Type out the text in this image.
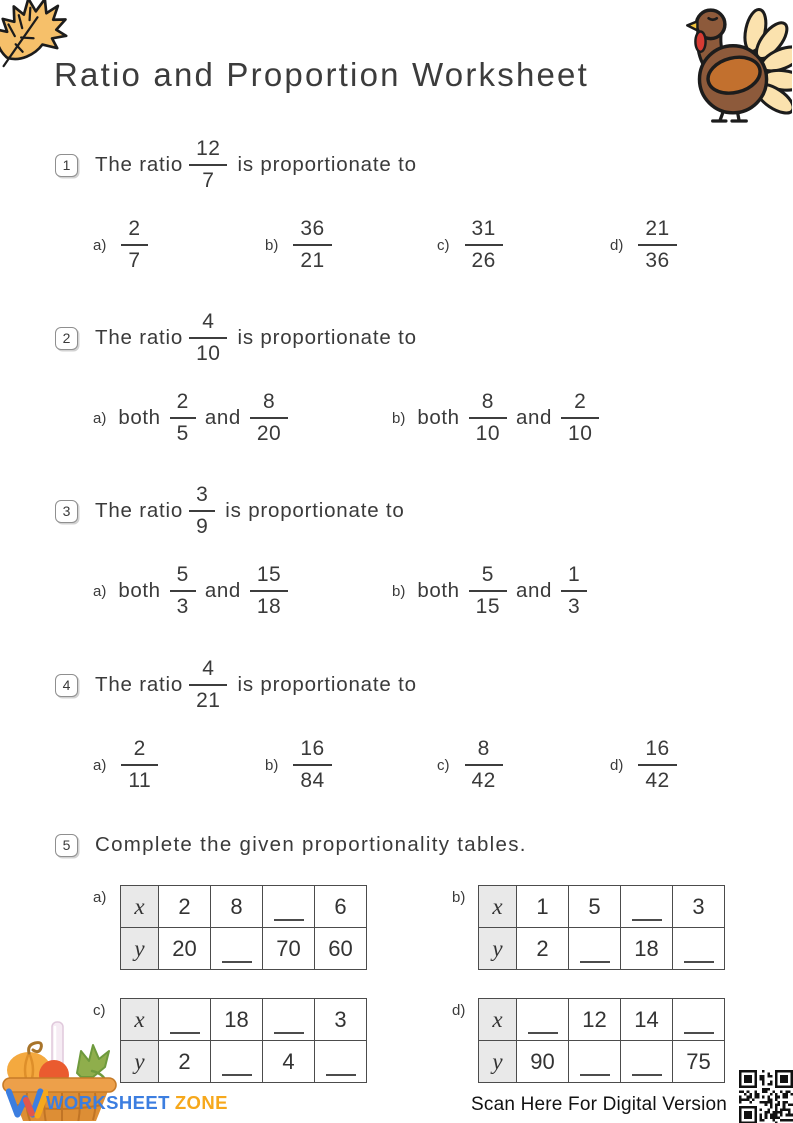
Ratio and Proportion Worksheet
1	The ratio $\frac{12}{7}$ is proportionate to
$a) \frac{2}{7}$	$b) \frac{36}{21}$	$c) \frac{31}{26}$	$d) \frac{21}{36}$
2	The ratio $\frac{4}{10}$ is proportionate to
a) both $\frac{2}{5}$ and $\frac{8}{20}$	b) both $\frac{8}{10}$ and $\frac{2}{10}$
3	The ratio $\frac{3}{9}$ is proportionate to
a) both $\frac{5}{3}$ and $\frac{15}{18}$	b) both $\frac{5}{15}$ and $\frac{1}{3}$
4	The ratio $\frac{4}{21}$ is proportionate to
$a) \frac{2}{11}$	$b) \frac{16}{84}$	$c) \frac{8}{42}$	$d) \frac{16}{42}$
5	Complete the given proportionality tables.
a) x	2	8		6
y	20		70	60
b) x	1	5		3
y	2		18	
c) x		18		3
y	2		4	
d) x		12	14	
y	90			75
WORKSHEET ZONE	Scan Here For Digital Version
